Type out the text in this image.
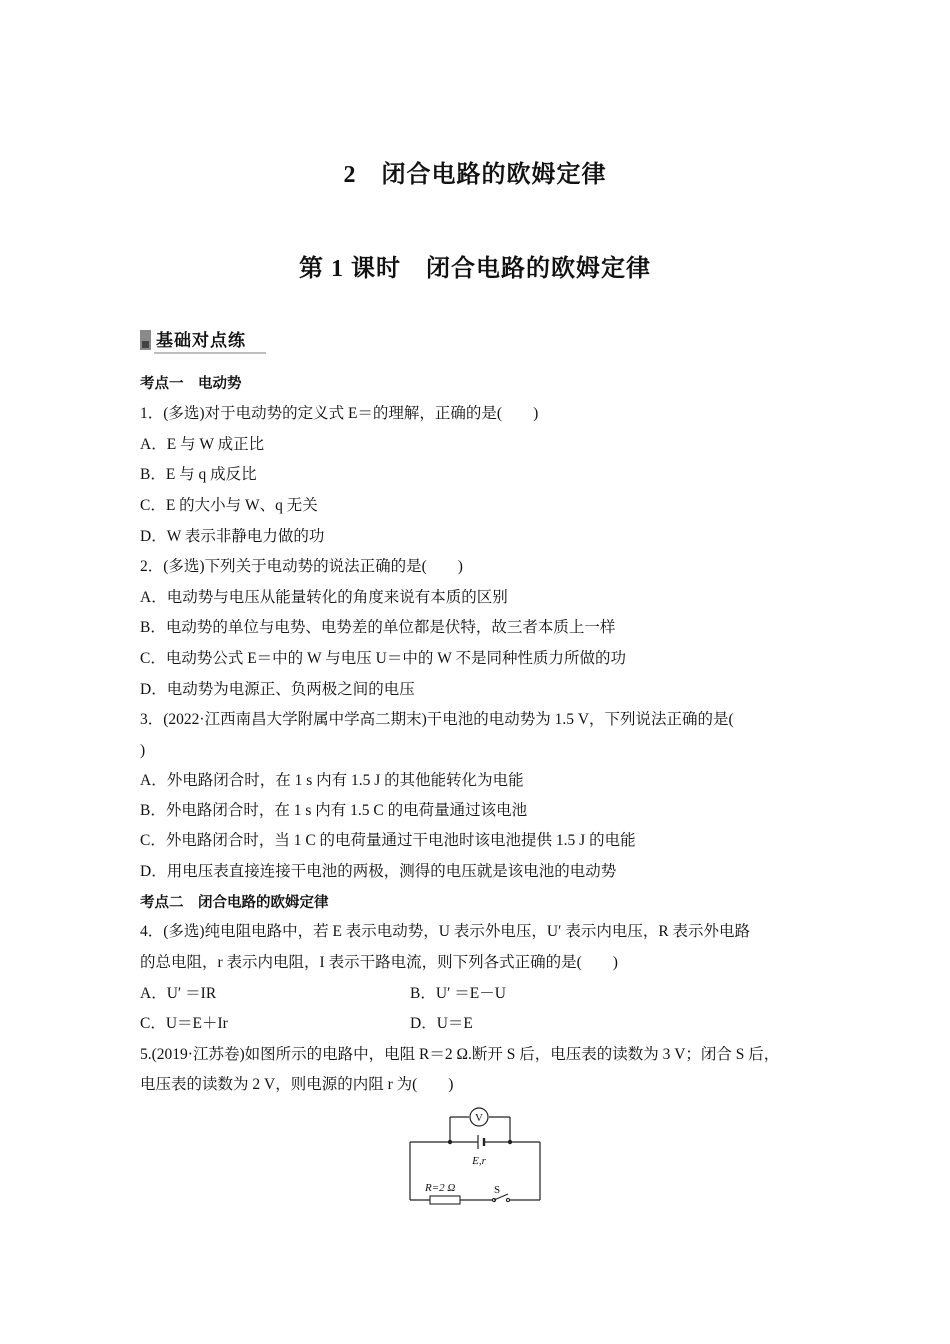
2　闭合电路的欧姆定律
第 1 课时　闭合电路的欧姆定律
基础对点练
考点一　电动势
1．(多选)对于电动势的定义式 E＝的理解，正确的是(　　)
A．E 与 W 成正比
B．E 与 q 成反比
C．E 的大小与 W、q 无关
D．W 表示非静电力做的功
2．(多选)下列关于电动势的说法正确的是(　　)
A．电动势与电压从能量转化的角度来说有本质的区别
B．电动势的单位与电势、电势差的单位都是伏特，故三者本质上一样
C．电动势公式 E＝中的 W 与电压 U＝中的 W 不是同种性质力所做的功
D．电动势为电源正、负两极之间的电压
3．(2022·江西南昌大学附属中学高二期末)干电池的电动势为 1.5 V，下列说法正确的是(
)
A．外电路闭合时，在 1 s 内有 1.5 J 的其他能转化为电能
B．外电路闭合时，在 1 s 内有 1.5 C 的电荷量通过该电池
C．外电路闭合时，当 1 C 的电荷量通过干电池时该电池提供 1.5 J 的电能
D．用电压表直接连接干电池的两极，测得的电压就是该电池的电动势
考点二　闭合电路的欧姆定律
4．(多选)纯电阻电路中，若 E 表示电动势，U 表示外电压，U′ 表示内电压，R 表示外电路
的总电阻，r 表示内电阻，I 表示干路电流，则下列各式正确的是(　　)
A．U′ ＝IR	B．U′ ＝E－U
C．U＝E＋Ir	D．U＝E
5.(2019·江苏卷)如图所示的电路中，电阻 R＝2 Ω.断开 S 后，电压表的读数为 3 V；闭合 S 后，
电压表的读数为 2 V，则电源的内阻 r 为(　　)
V
E,r
R=2 Ω	S
